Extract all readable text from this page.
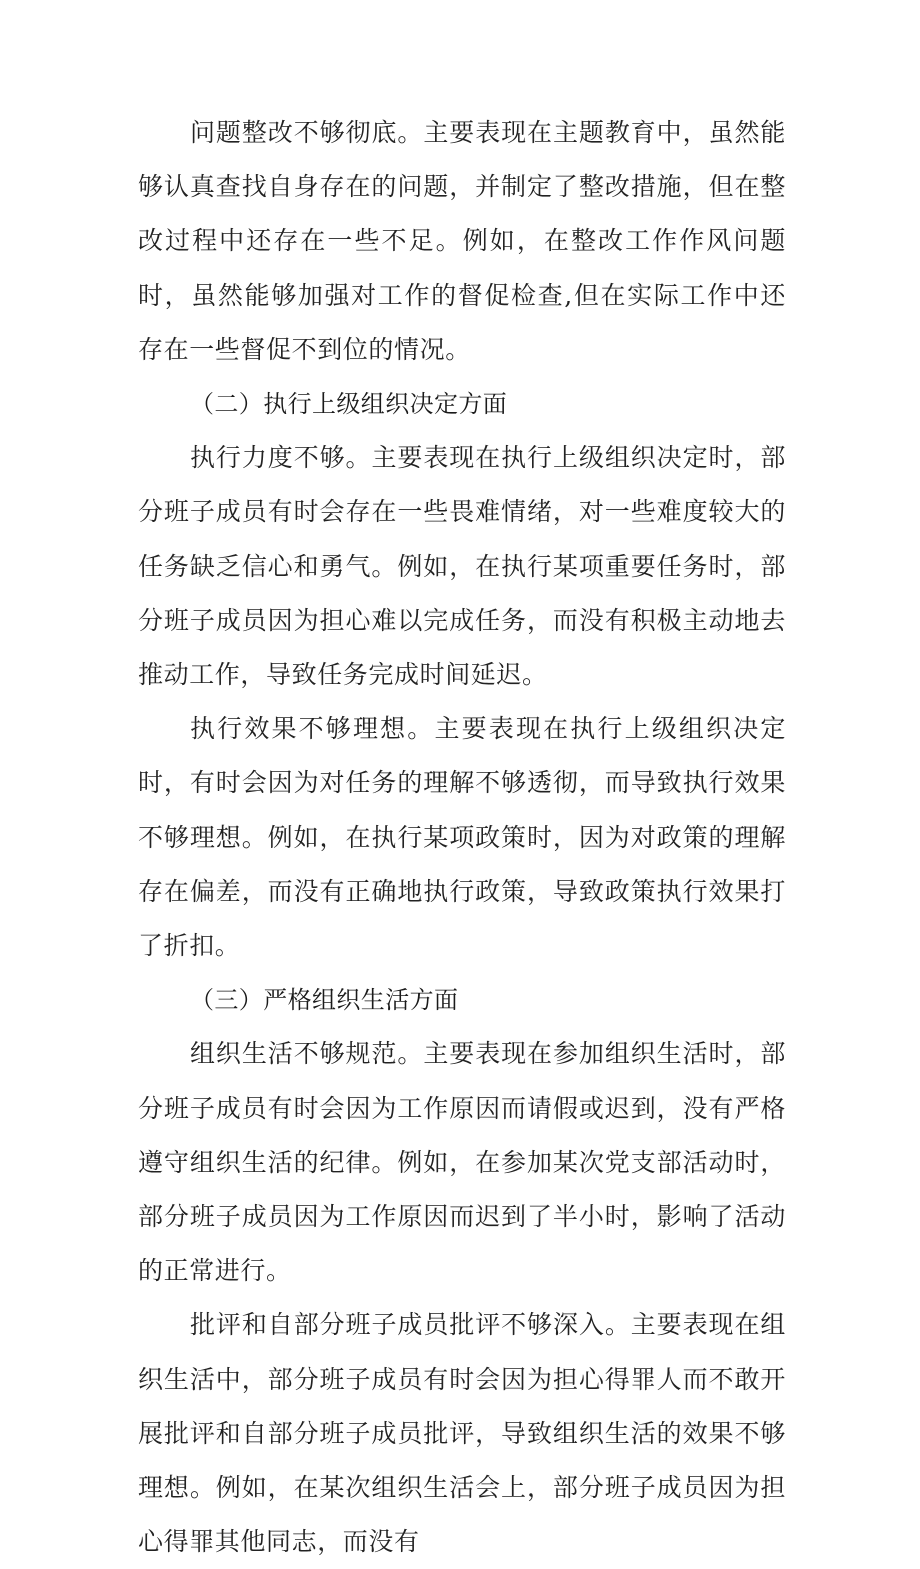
问题整改不够彻底。主要表现在主题教育中，虽然能够认真查找自身存在的问题，并制定了整改措施，但在整改过程中还存在一些不足。例如，在整改工作作风问题时，虽然能够加强对工作的督促检查,但在实际工作中还存在一些督促不到位的情况。

（二）执行上级组织决定方面

执行力度不够。主要表现在执行上级组织决定时，部分班子成员有时会存在一些畏难情绪，对一些难度较大的任务缺乏信心和勇气。例如，在执行某项重要任务时，部分班子成员因为担心难以完成任务，而没有积极主动地去推动工作，导致任务完成时间延迟。

执行效果不够理想。主要表现在执行上级组织决定时，有时会因为对任务的理解不够透彻，而导致执行效果不够理想。例如，在执行某项政策时，因为对政策的理解存在偏差，而没有正确地执行政策，导致政策执行效果打了折扣。

（三）严格组织生活方面

组织生活不够规范。主要表现在参加组织生活时，部分班子成员有时会因为工作原因而请假或迟到，没有严格遵守组织生活的纪律。例如，在参加某次党支部活动时，部分班子成员因为工作原因而迟到了半小时，影响了活动的正常进行。

批评和自部分班子成员批评不够深入。主要表现在组织生活中，部分班子成员有时会因为担心得罪人而不敢开展批评和自部分班子成员批评，导致组织生活的效果不够理想。例如，在某次组织生活会上，部分班子成员因为担心得罪其他同志，而没有
